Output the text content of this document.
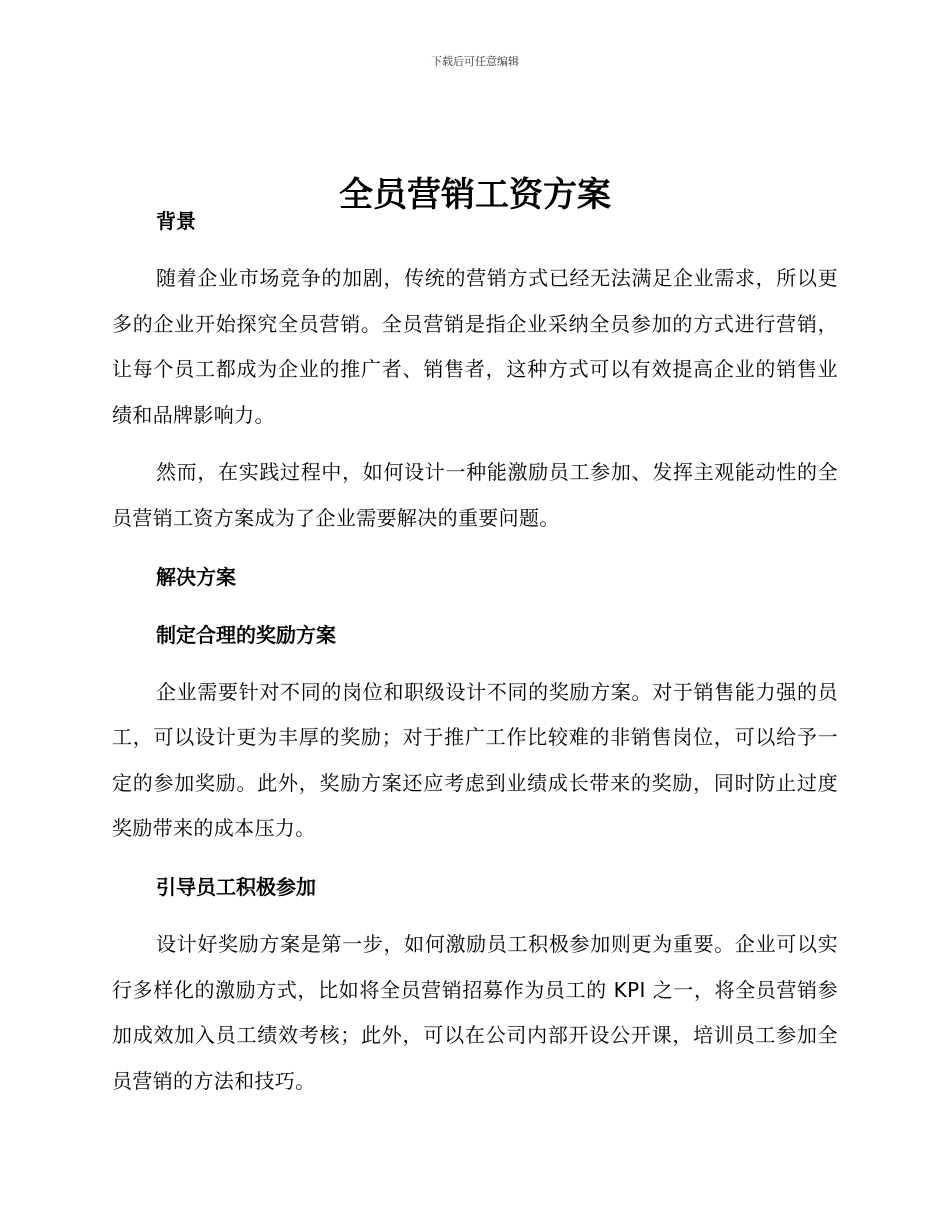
下载后可任意编辑
全员营销工资方案
背景

随着企业市场竞争的加剧，传统的营销方式已经无法满足企业需求，所以更多的企业开始探究全员营销。全员营销是指企业采纳全员参加的方式进行营销，让每个员工都成为企业的推广者、销售者，这种方式可以有效提高企业的销售业绩和品牌影响力。

然而，在实践过程中，如何设计一种能激励员工参加、发挥主观能动性的全员营销工资方案成为了企业需要解决的重要问题。

解决方案
制定合理的奖励方案

企业需要针对不同的岗位和职级设计不同的奖励方案。对于销售能力强的员工，可以设计更为丰厚的奖励；对于推广工作比较难的非销售岗位，可以给予一定的参加奖励。此外，奖励方案还应考虑到业绩成长带来的奖励，同时防止过度奖励带来的成本压力。

引导员工积极参加

设计好奖励方案是第一步，如何激励员工积极参加则更为重要。企业可以实行多样化的激励方式，比如将全员营销招募作为员工的 KPI 之一，将全员营销参加成效加入员工绩效考核；此外，可以在公司内部开设公开课，培训员工参加全员营销的方法和技巧。
